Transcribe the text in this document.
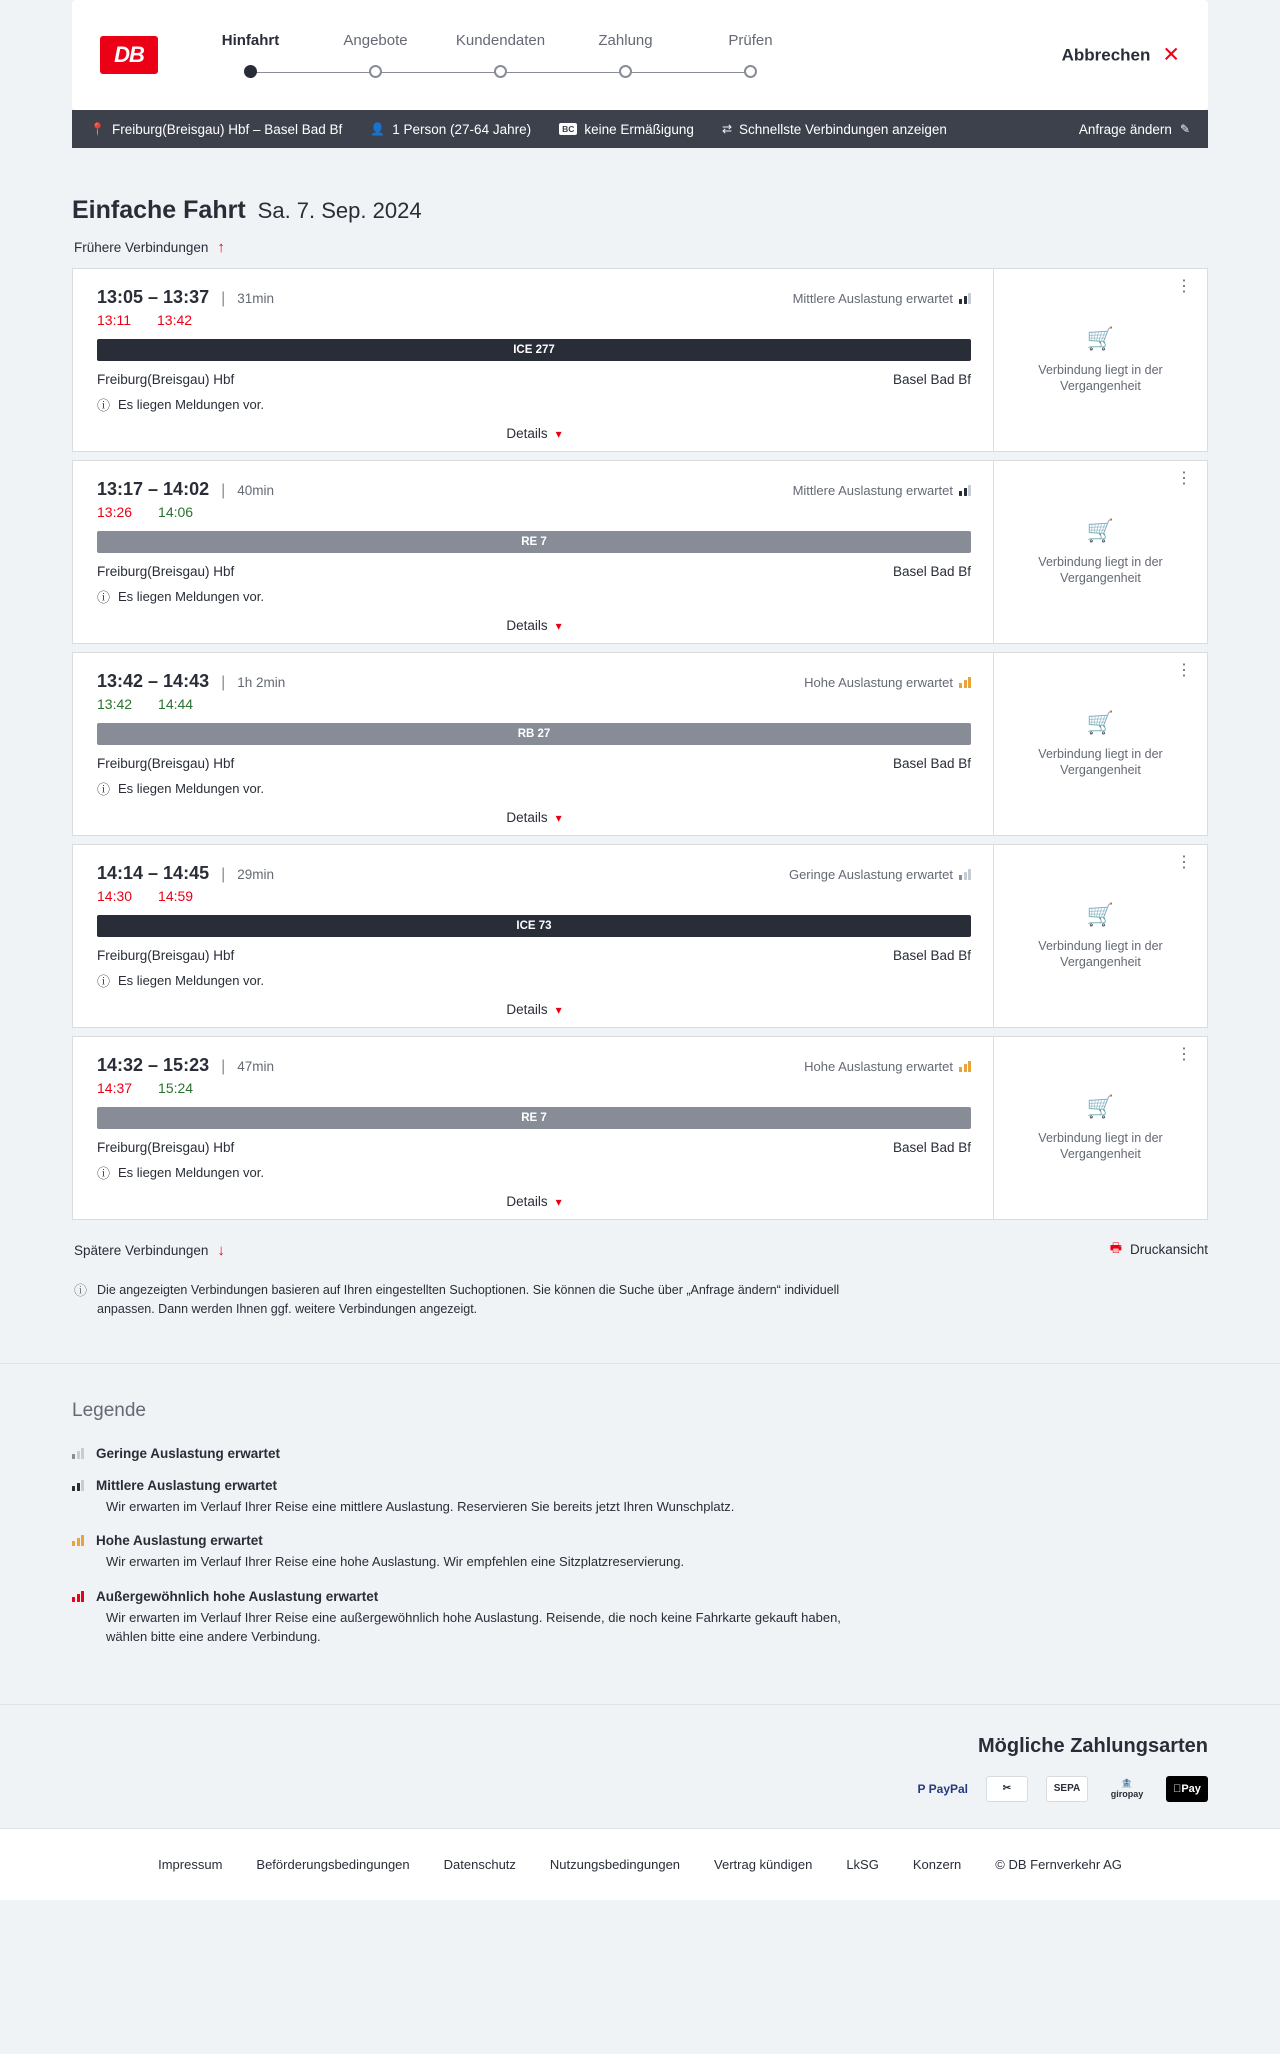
DB
Hinfahrt	Angebote	Kundendaten	Zahlung	Prüfen
Abbrechen ✕
📍 Freiburg(Breisgau) Hbf – Basel Bad Bf 👤 1 Person (27-64 Jahre)	BC keine Ermäßigung ⇄ Schnellste Verbindungen anzeigen	Anfrage ändern ✎
Einfache Fahrt Sa. 7. Sep. 2024
Frühere Verbindungen ↑
13:05 – 13:37 | 31min	Mittlere Auslastung erwartet
13:11 13:42
ICE 277
Freiburg(Breisgau) Hbf	Basel Bad Bf
ⓘ Es liegen Meldungen vor.
Details ▾
⋮
🛒
Verbindung liegt in der Vergangenheit
13:17 – 14:02 | 40min	Mittlere Auslastung erwartet
13:26 14:06
RE 7
Freiburg(Breisgau) Hbf	Basel Bad Bf
ⓘ Es liegen Meldungen vor.
Details ▾
⋮
🛒
Verbindung liegt in der Vergangenheit
13:42 – 14:43 | 1h 2min	Hohe Auslastung erwartet
13:42 14:44
RB 27
Freiburg(Breisgau) Hbf	Basel Bad Bf
ⓘ Es liegen Meldungen vor.
Details ▾
⋮
🛒
Verbindung liegt in der Vergangenheit
14:14 – 14:45 | 29min	Geringe Auslastung erwartet
14:30 14:59
ICE 73
Freiburg(Breisgau) Hbf	Basel Bad Bf
ⓘ Es liegen Meldungen vor.
Details ▾
⋮
🛒
Verbindung liegt in der Vergangenheit
14:32 – 15:23 | 47min	Hohe Auslastung erwartet
14:37 15:24
RE 7
Freiburg(Breisgau) Hbf	Basel Bad Bf
ⓘ Es liegen Meldungen vor.
Details ▾
⋮
🛒
Verbindung liegt in der Vergangenheit
Spätere Verbindungen ↓	🖶 Druckansicht
ⓘ Die angezeigten Verbindungen basieren auf Ihren eingestellten Suchoptionen. Sie können die Suche über „Anfrage ändern“ individuell anpassen. Dann werden Ihnen ggf. weitere Verbindungen angezeigt.
Legende
Geringe Auslastung erwartet
Mittlere Auslastung erwartet
Wir erwarten im Verlauf Ihrer Reise eine mittlere Auslastung. Reservieren Sie bereits jetzt Ihren Wunschplatz.
Hohe Auslastung erwartet
Wir erwarten im Verlauf Ihrer Reise eine hohe Auslastung. Wir empfehlen eine Sitzplatzreservierung.
Außergewöhnlich hohe Auslastung erwartet
Wir erwarten im Verlauf Ihrer Reise eine außergewöhnlich hohe Auslastung. Reisende, die noch keine Fahrkarte gekauft haben, wählen bitte eine andere Verbindung.
Mögliche Zahlungsarten
P PayPal	✂	SEPA	🏦
giropay	Pay
Impressum	Beförderungsbedingungen	Datenschutz	Nutzungsbedingungen	Vertrag kündigen	LkSG	Konzern	© DB Fernverkehr AG
